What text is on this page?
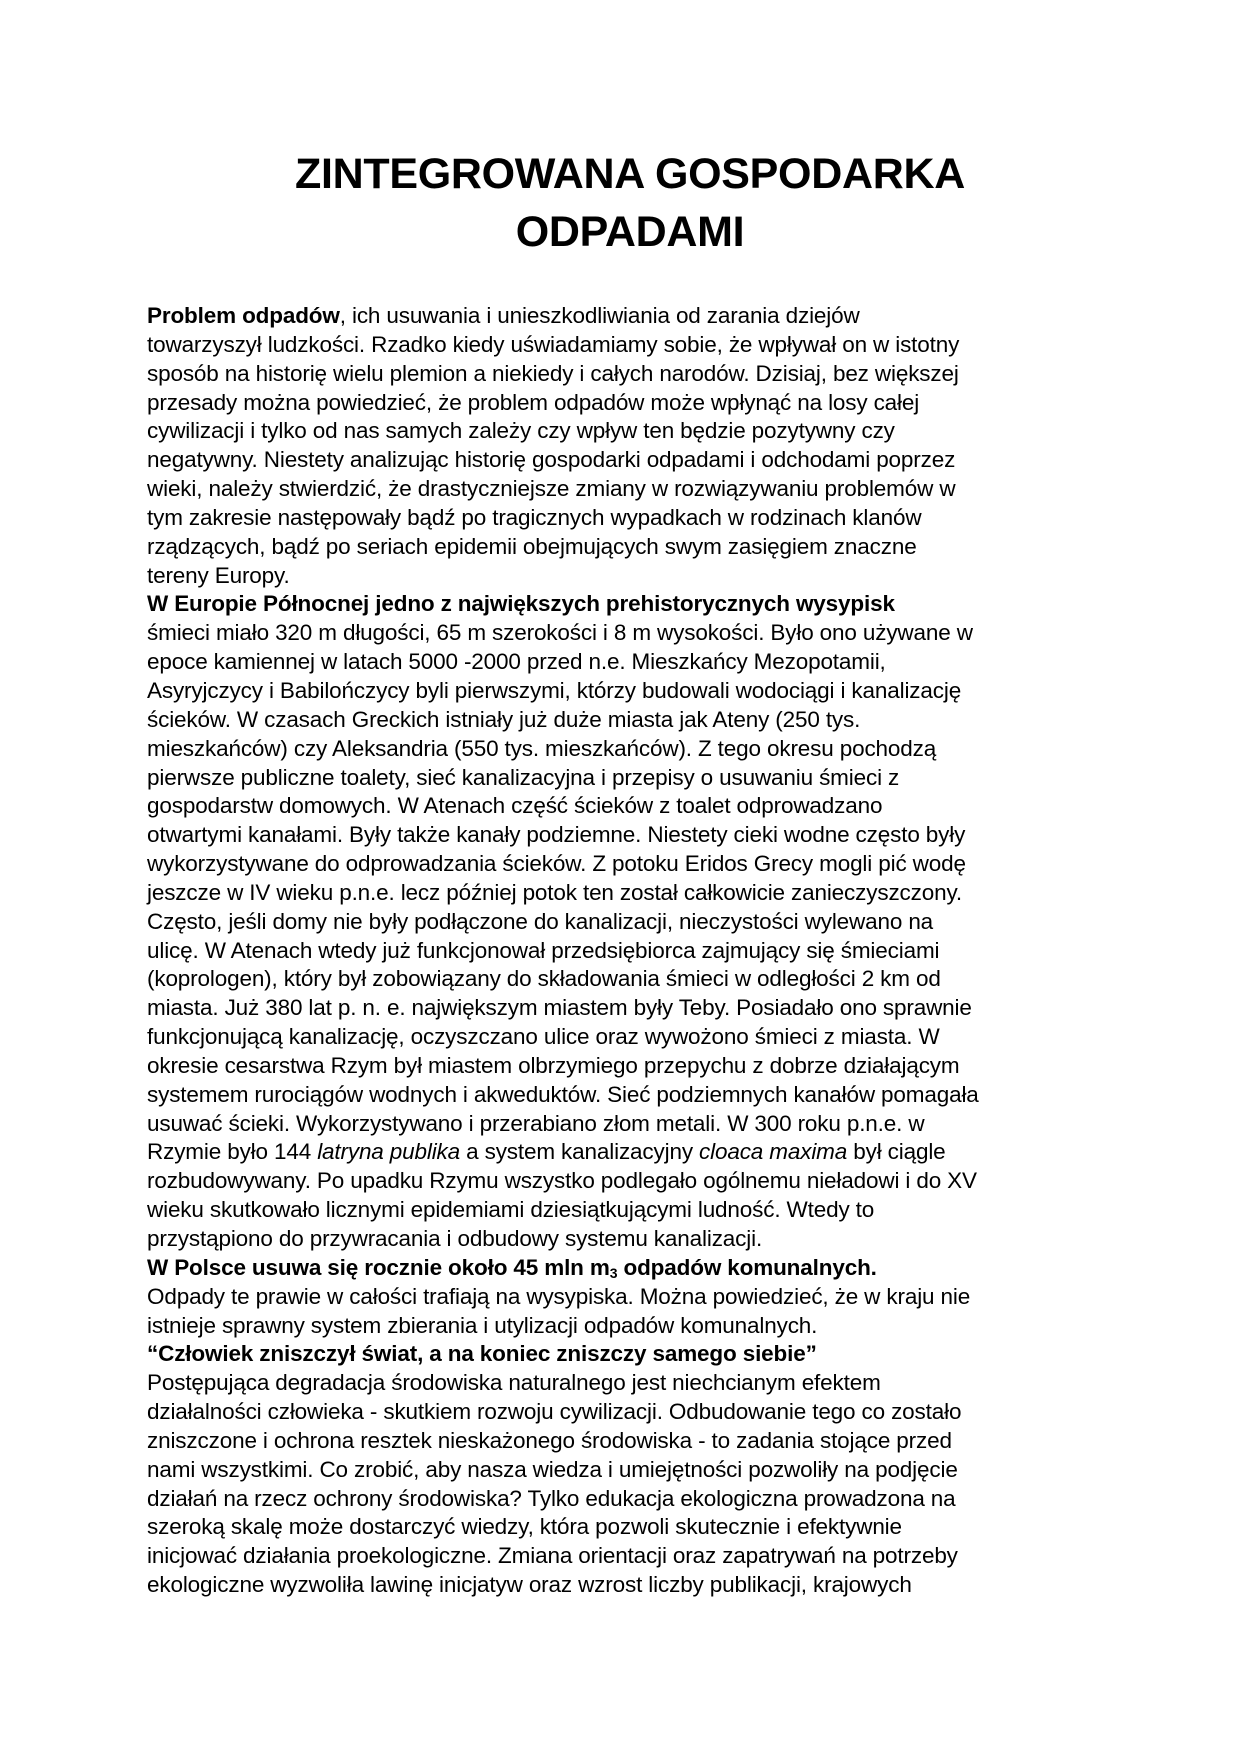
ZINTEGROWANA GOSPODARKA
ODPADAMI
Problem odpadów, ich usuwania i unieszkodliwiania od zarania dziejów
towarzyszył ludzkości. Rzadko kiedy uświadamiamy sobie, że wpływał on w istotny
sposób na historię wielu plemion a niekiedy i całych narodów. Dzisiaj, bez większej
przesady można powiedzieć, że problem odpadów może wpłynąć na losy całej
cywilizacji i tylko od nas samych zależy czy wpływ ten będzie pozytywny czy
negatywny. Niestety analizując historię gospodarki odpadami i odchodami poprzez
wieki, należy stwierdzić, że drastyczniejsze zmiany w rozwiązywaniu problemów w
tym zakresie następowały bądź po tragicznych wypadkach w rodzinach klanów
rządzących, bądź po seriach epidemii obejmujących swym zasięgiem znaczne
tereny Europy.
W Europie Północnej jedno z największych prehistorycznych wysypisk
śmieci miało 320 m długości, 65 m szerokości i 8 m wysokości. Było ono używane w
epoce kamiennej w latach 5000 -2000 przed n.e. Mieszkańcy Mezopotamii,
Asyryjczycy i Babilończycy byli pierwszymi, którzy budowali wodociągi i kanalizację
ścieków. W czasach Greckich istniały już duże miasta jak Ateny (250 tys.
mieszkańców) czy Aleksandria (550 tys. mieszkańców). Z tego okresu pochodzą
pierwsze publiczne toalety, sieć kanalizacyjna i przepisy o usuwaniu śmieci z
gospodarstw domowych. W Atenach część ścieków z toalet odprowadzano
otwartymi kanałami. Były także kanały podziemne. Niestety cieki wodne często były
wykorzystywane do odprowadzania ścieków. Z potoku Eridos Grecy mogli pić wodę
jeszcze w IV wieku p.n.e. lecz później potok ten został całkowicie zanieczyszczony.
Często, jeśli domy nie były podłączone do kanalizacji, nieczystości wylewano na
ulicę. W Atenach wtedy już funkcjonował przedsiębiorca zajmujący się śmieciami
(koprologen), który był zobowiązany do składowania śmieci w odległości 2 km od
miasta. Już 380 lat p. n. e. największym miastem były Teby. Posiadało ono sprawnie
funkcjonującą kanalizację, oczyszczano ulice oraz wywożono śmieci z miasta. W
okresie cesarstwa Rzym był miastem olbrzymiego przepychu z dobrze działającym
systemem rurociągów wodnych i akweduktów. Sieć podziemnych kanałów pomagała
usuwać ścieki. Wykorzystywano i przerabiano złom metali. W 300 roku p.n.e. w
Rzymie było 144 latryna publika a system kanalizacyjny cloaca maxima był ciągle
rozbudowywany. Po upadku Rzymu wszystko podlegało ogólnemu nieładowi i do XV
wieku skutkowało licznymi epidemiami dziesiątkującymi ludność. Wtedy to
przystąpiono do przywracania i odbudowy systemu kanalizacji.
W Polsce usuwa się rocznie około 45 mln $m_3$ odpadów komunalnych.
Odpady te prawie w całości trafiają na wysypiska. Można powiedzieć, że w kraju nie
istnieje sprawny system zbierania i utylizacji odpadów komunalnych.
“Człowiek zniszczył świat, a na koniec zniszczy samego siebie”
Postępująca degradacja środowiska naturalnego jest niechcianym efektem
działalności człowieka - skutkiem rozwoju cywilizacji. Odbudowanie tego co zostało
zniszczone i ochrona resztek nieskażonego środowiska - to zadania stojące przed
nami wszystkimi. Co zrobić, aby nasza wiedza i umiejętności pozwoliły na podjęcie
działań na rzecz ochrony środowiska? Tylko edukacja ekologiczna prowadzona na
szeroką skalę może dostarczyć wiedzy, która pozwoli skutecznie i efektywnie
inicjować działania proekologiczne. Zmiana orientacji oraz zapatrywań na potrzeby
ekologiczne wyzwoliła lawinę inicjatyw oraz wzrost liczby publikacji, krajowych
